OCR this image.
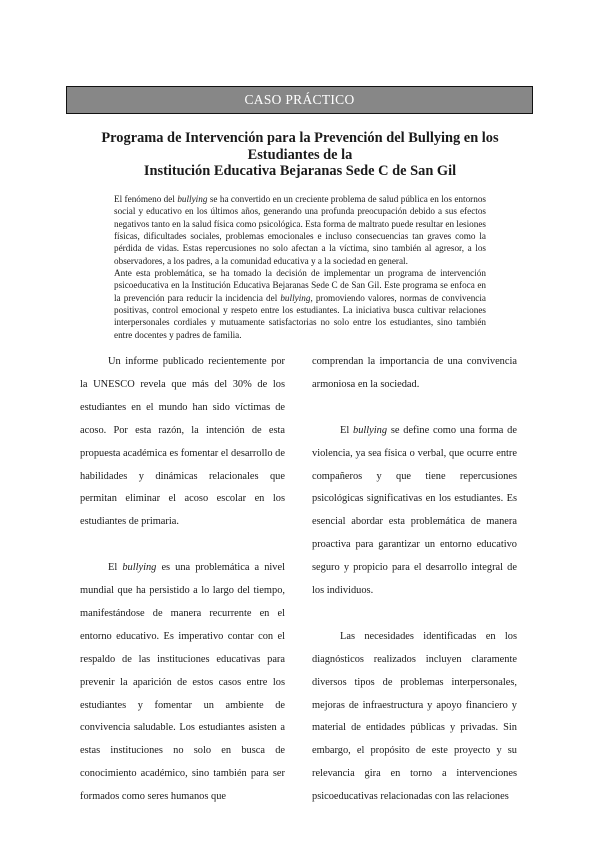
CASO PRÁCTICO
Programa de Intervención para la Prevención del Bullying en los
Estudiantes de la
Institución Educativa Bejaranas Sede C de San Gil

El fenómeno del bullying se ha convertido en un creciente problema de salud pública en los entornos social y educativo en los últimos años, generando una profunda preocupación debido a sus efectos negativos tanto en la salud física como psicológica. Esta forma de maltrato puede resultar en lesiones físicas, dificultades sociales, problemas emocionales e incluso consecuencias tan graves como la pérdida de vidas. Estas repercusiones no solo afectan a la víctima, sino también al agresor, a los observadores, a los padres, a la comunidad educativa y a la sociedad en general.

Ante esta problemática, se ha tomado la decisión de implementar un programa de intervención psicoeducativa en la Institución Educativa Bejaranas Sede C de San Gil. Este programa se enfoca en la prevención para reducir la incidencia del bullying, promoviendo valores, normas de convivencia positivas, control emocional y respeto entre los estudiantes. La iniciativa busca cultivar relaciones interpersonales cordiales y mutuamente satisfactorias no solo entre los estudiantes, sino también entre docentes y padres de familia.

Un informe publicado recientemente por la UNESCO revela que más del 30% de los estudiantes en el mundo han sido víctimas de acoso. Por esta razón, la intención de esta propuesta académica es fomentar el desarrollo de habilidades y dinámicas relacionales que permitan eliminar el acoso escolar en los estudiantes de primaria.

El bullying es una problemática a nivel mundial que ha persistido a lo largo del tiempo, manifestándose de manera recurrente en el entorno educativo. Es imperativo contar con el respaldo de las instituciones educativas para prevenir la aparición de estos casos entre los estudiantes y fomentar un ambiente de convivencia saludable. Los estudiantes asisten a estas instituciones no solo en busca de conocimiento académico, sino también para ser formados como seres humanos que

comprendan la importancia de una convivencia armoniosa en la sociedad.

El bullying se define como una forma de violencia, ya sea física o verbal, que ocurre entre compañeros y que tiene repercusiones psicológicas significativas en los estudiantes. Es esencial abordar esta problemática de manera proactiva para garantizar un entorno educativo seguro y propicio para el desarrollo integral de los individuos.

Las necesidades identificadas en los diagnósticos realizados incluyen claramente diversos tipos de problemas interpersonales, mejoras de infraestructura y apoyo financiero y material de entidades públicas y privadas. Sin embargo, el propósito de este proyecto y su relevancia gira en torno a intervenciones psicoeducativas relacionadas con las relaciones
